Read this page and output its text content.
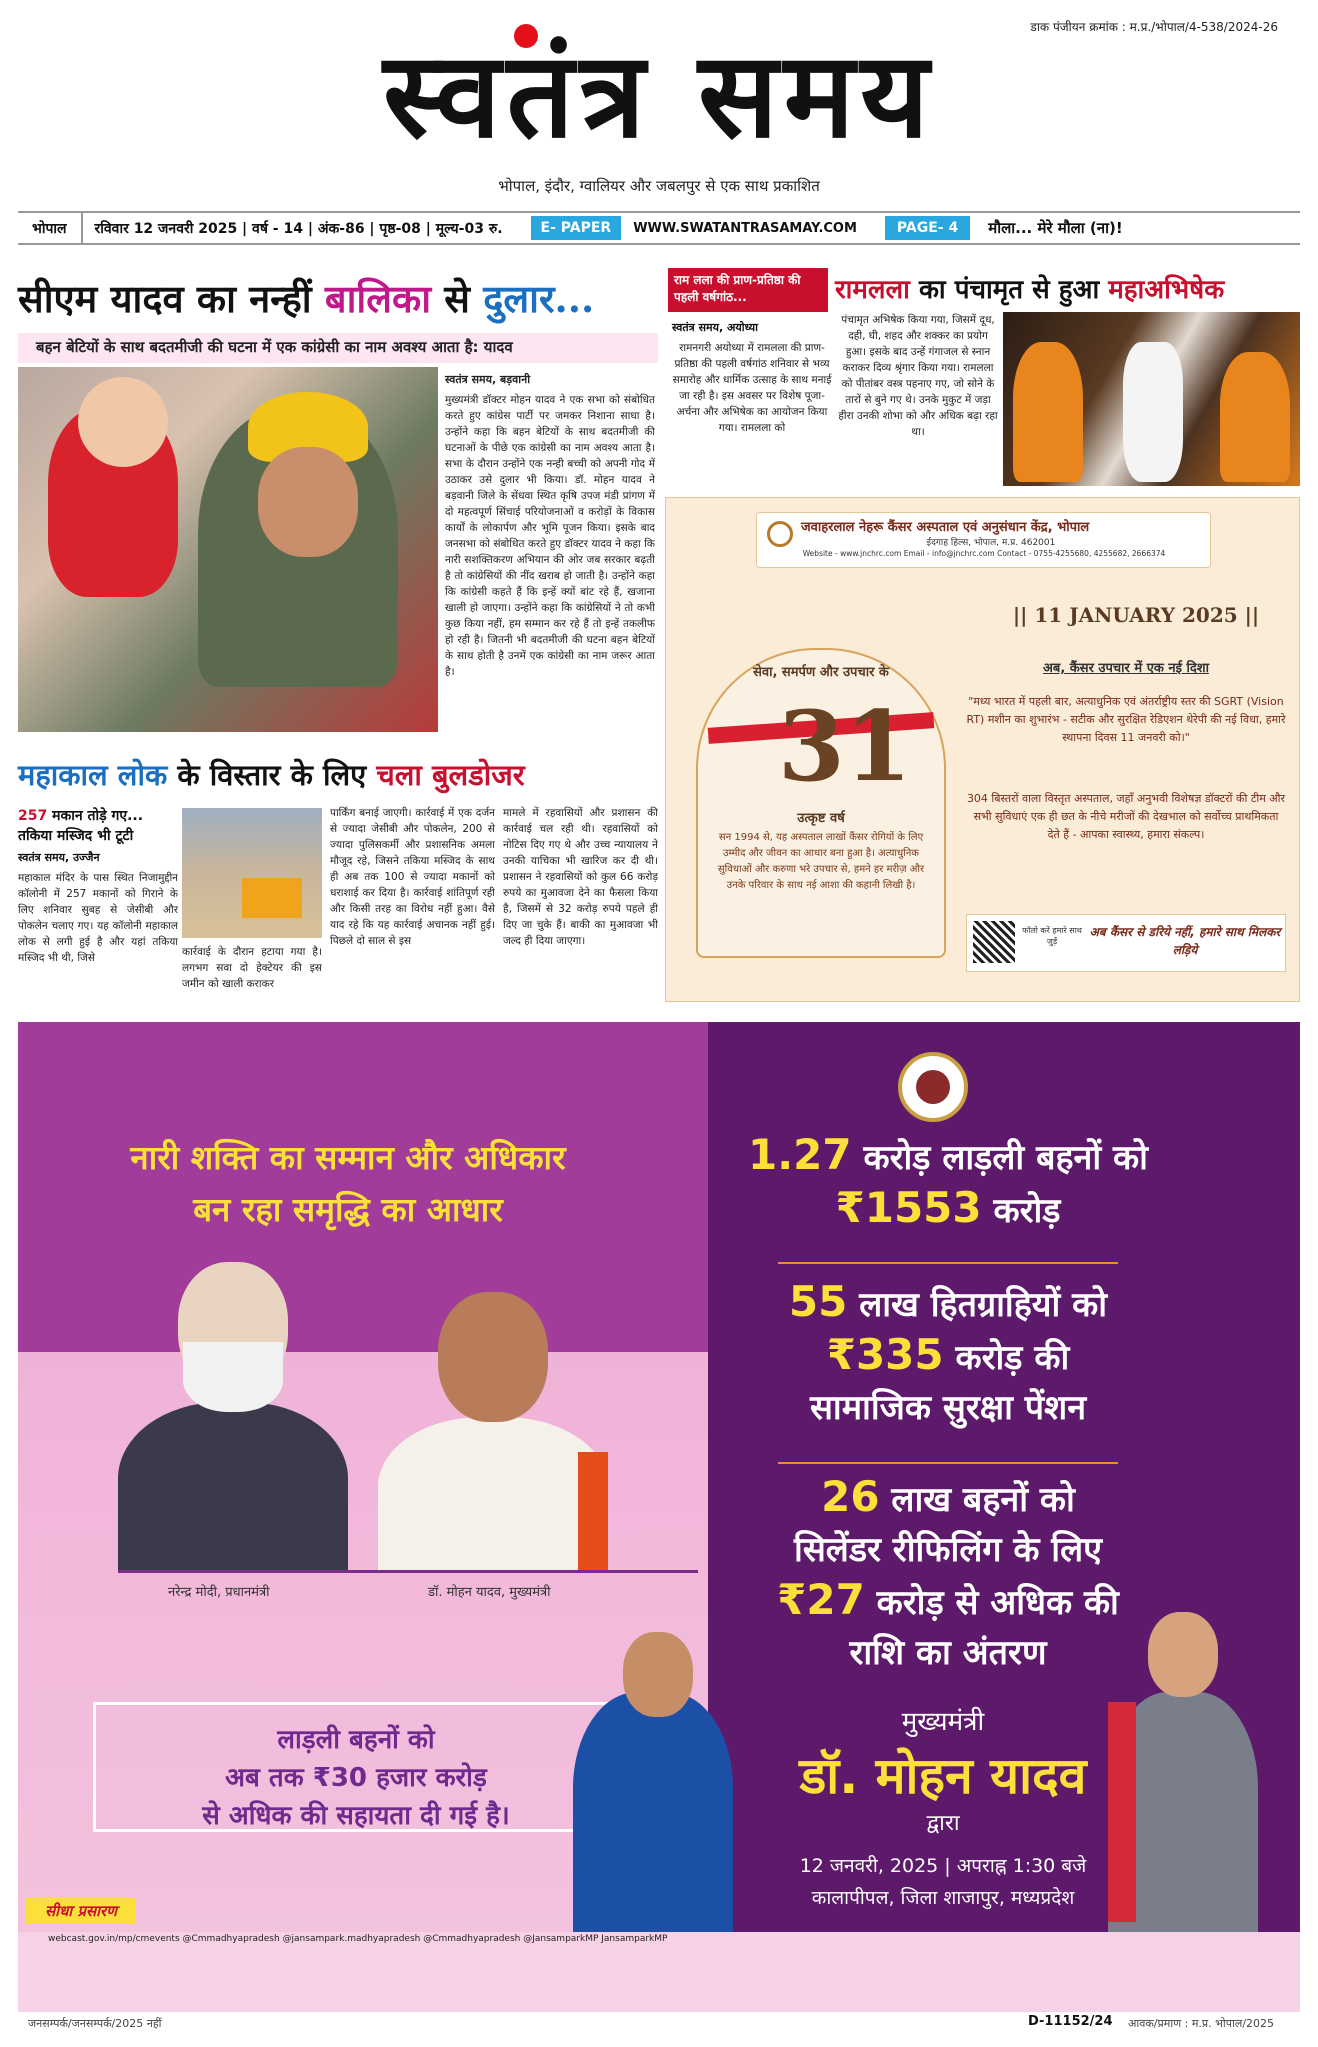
डाक पंजीयन क्रमांक : म.प्र./भोपाल/4-538/2024-26
स्वतंत्र समय
भोपाल, इंदौर, ग्वालियर और जबलपुर से एक साथ प्रकाशित
भोपाल	रविवार 12 जनवरी 2025 | वर्ष - 14 | अंक-86 | पृष्ठ-08 | मूल्य-03 रु.	E- PAPER	WWW.SWATANTRASAMAY.COM	PAGE- 4	मौला... मेरे मौला (ना)!
सीएम यादव का नन्हीं बालिका से दुलार...
बहन बेटियों के साथ बदतमीजी की घटना में एक कांग्रेसी का नाम अवश्य आता है: यादव
स्वतंत्र समय, बड़वानी
मुख्यमंत्री डॉक्टर मोहन यादव ने एक सभा को संबोधित करते हुए कांग्रेस पार्टी पर जमकर निशाना साधा है। उन्होंने कहा कि बहन बेटियों के साथ बदतमीजी की घटनाओं के पीछे एक कांग्रेसी का नाम अवश्य आता है। सभा के दौरान उन्होंने एक नन्ही बच्ची को अपनी गोद में उठाकर उसे दुलार भी किया। डॉ. मोहन यादव ने बड़वानी जिले के सेंधवा स्थित कृषि उपज मंडी प्रांगण में दो महत्वपूर्ण सिंचाई परियोजनाओं व करोड़ों के विकास कार्यों के लोकार्पण और भूमि पूजन किया। इसके बाद जनसभा को संबोधित करते हुए डॉक्टर यादव ने कहा कि नारी सशक्तिकरण अभियान की ओर जब सरकार बढ़ती है तो कांग्रेसियों की नींद खराब हो जाती है। उन्होंने कहा कि कांग्रेसी कहते हैं कि इन्हें क्यों बांट रहे हैं, खजाना खाली हो जाएगा। उन्होंने कहा कि कांग्रेसियों ने तो कभी कुछ किया नहीं, हम सम्मान कर रहे हैं तो इन्हें तकलीफ हो रही है। जितनी भी बदतमीजी की घटना बहन बेटियों के साथ होती है उनमें एक कांग्रेसी का नाम जरूर आता है।
राम लला की प्राण-प्रतिष्ठा की पहली वर्षगांठ...	रामलला का पंचामृत से हुआ महाअभिषेक
स्वतंत्र समय, अयोध्या
रामनगरी अयोध्या में रामलला की प्राण-प्रतिष्ठा की पहली वर्षगांठ शनिवार से भव्य समारोह और धार्मिक उत्साह के साथ मनाई जा रही है। इस अवसर पर विशेष पूजा-अर्चना और अभिषेक का आयोजन किया गया। रामलला को
पंचामृत अभिषेक किया गया, जिसमें दूध, दही, घी, शहद और शक्कर का प्रयोग हुआ। इसके बाद उन्हें गंगाजल से स्नान कराकर दिव्य श्रृंगार किया गया। रामलला को पीतांबर वस्त्र पहनाए गए, जो सोने के तारों से बुने गए थे। उनके मुकुट में जड़ा हीरा उनकी शोभा को और अधिक बढ़ा रहा था।
जवाहरलाल नेहरू कैंसर अस्पताल एवं अनुसंधान केंद्र, भोपाल
ईदगाह हिल्स, भोपाल, म.प्र. 462001
Website - www.jnchrc.com Email - info@jnchrc.com Contact - 0755-4255680, 4255682, 2666374
|| 11 JANUARY 2025 ||
सेवा, समर्पण और उपचार के
31
उत्कृष्ट वर्ष
सन 1994 से, यह अस्पताल लाखों कैंसर रोगियों के लिए उम्मीद और जीवन का आधार बना हुआ है। अत्याधुनिक सुविधाओं और करुणा भरे उपचार से, हमने हर मरीज़ और उनके परिवार के साथ नई आशा की कहानी लिखी है।
अब, कैंसर उपचार में एक नई दिशा
"मध्य भारत में पहली बार, अत्याधुनिक एवं अंतर्राष्ट्रीय स्तर की SGRT (Vision RT) मशीन का शुभारंभ - सटीक और सुरक्षित रेडिएशन थेरेपी की नई विधा, हमारे स्थापना दिवस 11 जनवरी को।"
304 बिस्तरों वाला विस्तृत अस्पताल, जहाँ अनुभवी विशेषज्ञ डॉक्टरों की टीम और सभी सुविधाएं एक ही छत के नीचे मरीजों की देखभाल को सर्वोच्च प्राथमिकता देते हैं - आपका स्वास्थ्य, हमारा संकल्प।
फॉलो करें हमारे साथ जुड़ें
अब कैंसर से डरिये नहीं, हमारे साथ मिलकर लड़िये
महाकाल लोक के विस्तार के लिए चला बुलडोजर
257 मकान तोड़े गए...
तकिया मस्जिद भी टूटी
स्वतंत्र समय, उज्जैन
महाकाल मंदिर के पास स्थित निजामुद्दीन कॉलोनी में 257 मकानों को गिराने के लिए शनिवार सुबह से जेसीबी और पोकलेन चलाए गए। यह कॉलोनी महाकाल लोक से लगी हुई है और यहां तकिया मस्जिद भी थी, जिसे	कार्रवाई के दौरान हटाया गया है। लगभग सवा दो हेक्टेयर की इस जमीन को खाली कराकर
पार्किंग बनाई जाएगी। कार्रवाई में एक दर्जन से ज्यादा जेसीबी और पोकलेन, 200 से ज्यादा पुलिसकर्मी और प्रशासनिक अमला मौजूद रहे, जिसने तकिया मस्जिद के साथ ही अब तक 100 से ज्यादा मकानों को धराशाई कर दिया है। कार्रवाई शांतिपूर्ण रही और किसी तरह का विरोध नहीं हुआ। वैसे याद रहे कि यह कार्रवाई अचानक नहीं हुई। पिछले दो साल से इस
मामले में रहवासियों और प्रशासन की कार्रवाई चल रही थी। रहवासियों को नोटिस दिए गए थे और उच्च न्यायालय ने उनकी याचिका भी खारिज कर दी थी। प्रशासन ने रहवासियों को कुल 66 करोड़ रुपये का मुआवजा देने का फैसला किया है, जिसमें से 32 करोड़ रुपये पहले ही दिए जा चुके हैं। बाकी का मुआवजा भी जल्द ही दिया जाएगा।
नारी शक्ति का सम्मान और अधिकार
बन रहा समृद्धि का आधार
नरेन्द्र मोदी, प्रधानमंत्री	डॉ. मोहन यादव, मुख्यमंत्री
लाड़ली बहनों को
अब तक ₹30 हजार करोड़
से अधिक की सहायता दी गई है।
1.27 करोड़ लाड़ली बहनों को
₹1553 करोड़
55 लाख हितग्राहियों को
₹335 करोड़ की
सामाजिक सुरक्षा पेंशन
26 लाख बहनों को
सिलेंडर रीफिलिंग के लिए
₹27 करोड़ से अधिक की
राशि का अंतरण
मुख्यमंत्री
डॉ. मोहन यादव
द्वारा
12 जनवरी, 2025 | अपराह्न 1:30 बजे
कालापीपल, जिला शाजापुर, मध्यप्रदेश
सीधा प्रसारण
webcast.gov.in/mp/cmevents @Cmmadhyapradesh @jansampark.madhyapradesh @Cmmadhyapradesh @JansamparkMP JansamparkMP
जनसम्पर्क/जनसम्पर्क/2025 नहीं	D-11152/24 आवक/प्रमाण : म.प्र. भोपाल/2025
